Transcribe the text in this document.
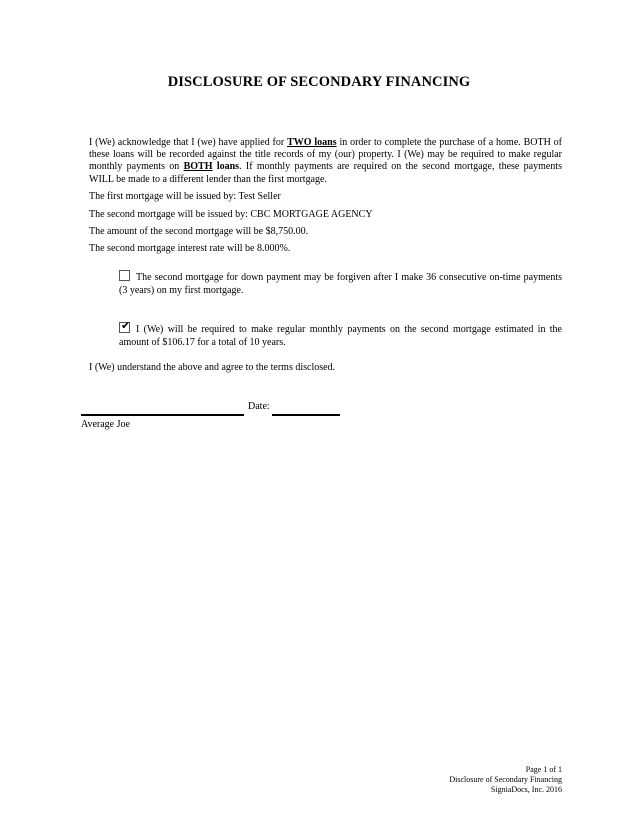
DISCLOSURE OF SECONDARY FINANCING
I (We) acknowledge that I (we) have applied for TWO loans in order to complete the purchase of a home. BOTH of these loans will be recorded against the title records of my (our) property. I (We) may be required to make regular monthly payments on BOTH loans. If monthly payments are required on the second mortgage, these payments WILL be made to a different lender than the first mortgage.
The first mortgage will be issued by: Test Seller
The second mortgage will be issued by: CBC MORTGAGE AGENCY
The amount of the second mortgage will be $8,750.00.
The second mortgage interest rate will be 8.000%.
The second mortgage for down payment may be forgiven after I make 36 consecutive on-time payments (3 years) on my first mortgage.
✔ I (We) will be required to make regular monthly payments on the second mortgage estimated in the amount of $106.17 for a total of 10 years.
I (We) understand the above and agree to the terms disclosed.
Date:
Average Joe
Page 1 of 1
Disclosure of Secondary Financing
SigniaDocs, Inc. 2016
